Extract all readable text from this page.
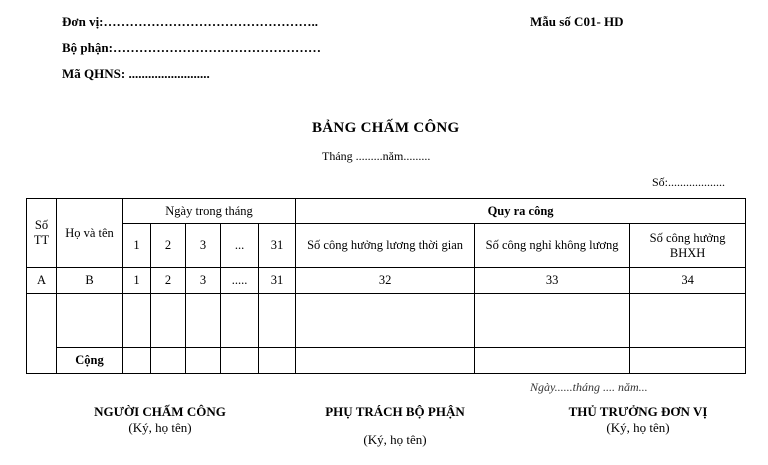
Đơn vị:…………………………………………..
Bộ phận:…………………………………………
Mã QHNS: .........................
Mẫu số C01- HD
BẢNG CHẤM CÔNG
Tháng .........năm.........
Số:...................
Số TT	Họ và tên	Ngày trong tháng					Quy ra công		
		1	2	3	...	31	Số công hưởng lương thời gian	Số công nghỉ không lương	Số công hưởng BHXH
A	B	1	2	3	.....	31	32	33	34

	Cộng								
Ngày......tháng .... năm...
NGƯỜI CHẤM CÔNG
(Ký, họ tên)
PHỤ TRÁCH BỘ PHẬN
(Ký, họ tên)
THỦ TRƯỞNG ĐƠN VỊ
(Ký, họ tên)
